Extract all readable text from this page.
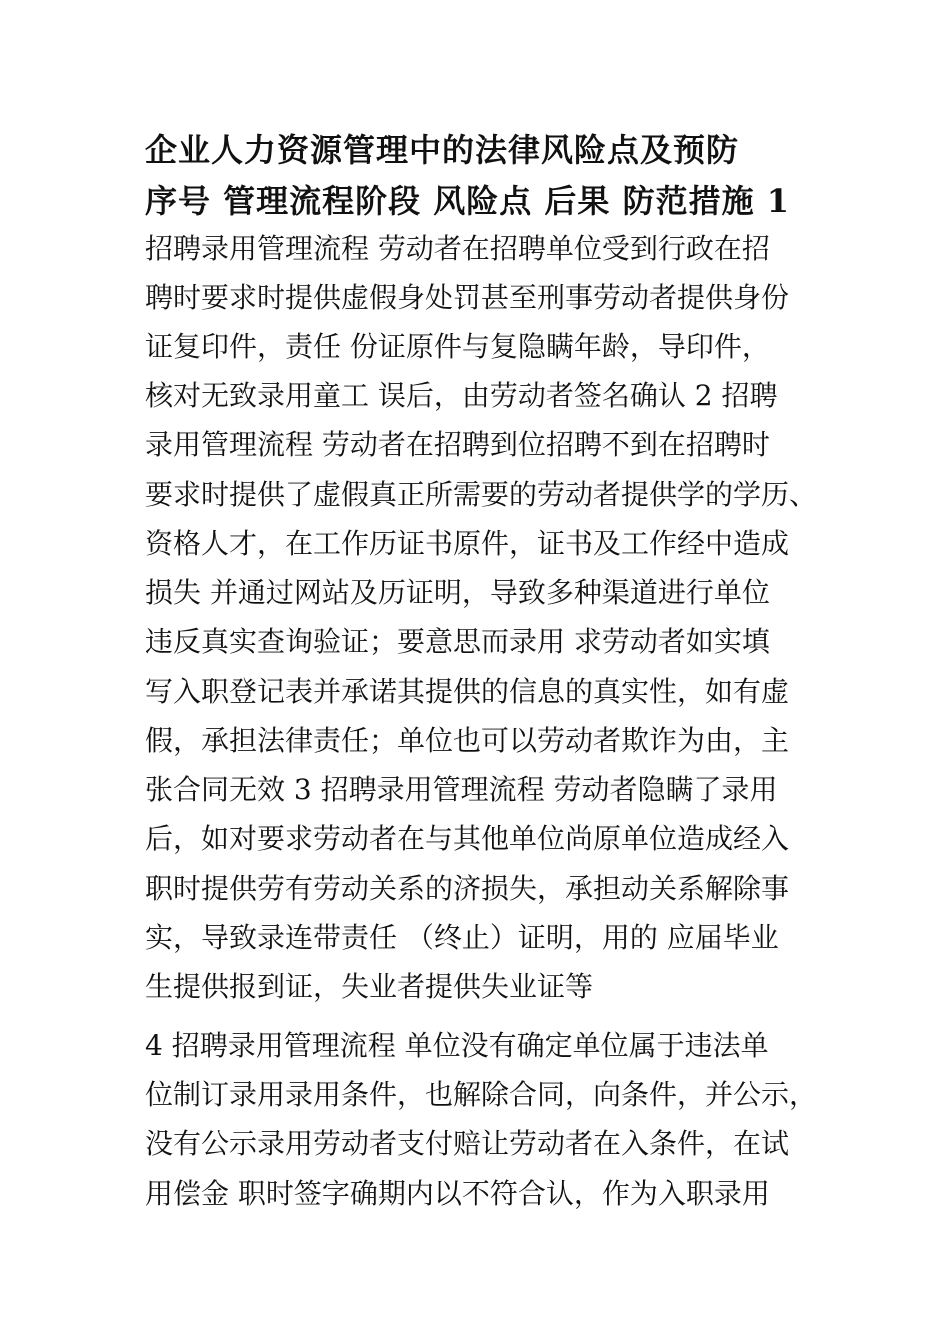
企业人力资源管理中的法律风险点及预防
序号 管理流程阶段 风险点 后果 防范措施 1
招聘录用管理流程 劳动者在招聘单位受到行政在招
聘时要求时提供虚假身处罚甚至刑事劳动者提供身份
证复印件，责任 份证原件与复隐瞒年龄，导印件，
核对无致录用童工 误后，由劳动者签名确认 2 招聘
录用管理流程 劳动者在招聘到位招聘不到在招聘时
要求时提供了虚假真正所需要的劳动者提供学的学历、
资格人才，在工作历证书原件，证书及工作经中造成
损失 并通过网站及历证明，导致多种渠道进行单位
违反真实查询验证；要意思而录用 求劳动者如实填
写入职登记表并承诺其提供的信息的真实性，如有虚
假，承担法律责任；单位也可以劳动者欺诈为由，主
张合同无效 3 招聘录用管理流程 劳动者隐瞒了录用
后，如对要求劳动者在与其他单位尚原单位造成经入
职时提供劳有劳动关系的济损失，承担动关系解除事
实，导致录连带责任 （终止）证明，用的 应届毕业
生提供报到证，失业者提供失业证等
4 招聘录用管理流程 单位没有确定单位属于违法单
位制订录用录用条件，也解除合同，向条件，并公示，
没有公示录用劳动者支付赔让劳动者在入条件，在试
用偿金 职时签字确期内以不符合认，作为入职录用
